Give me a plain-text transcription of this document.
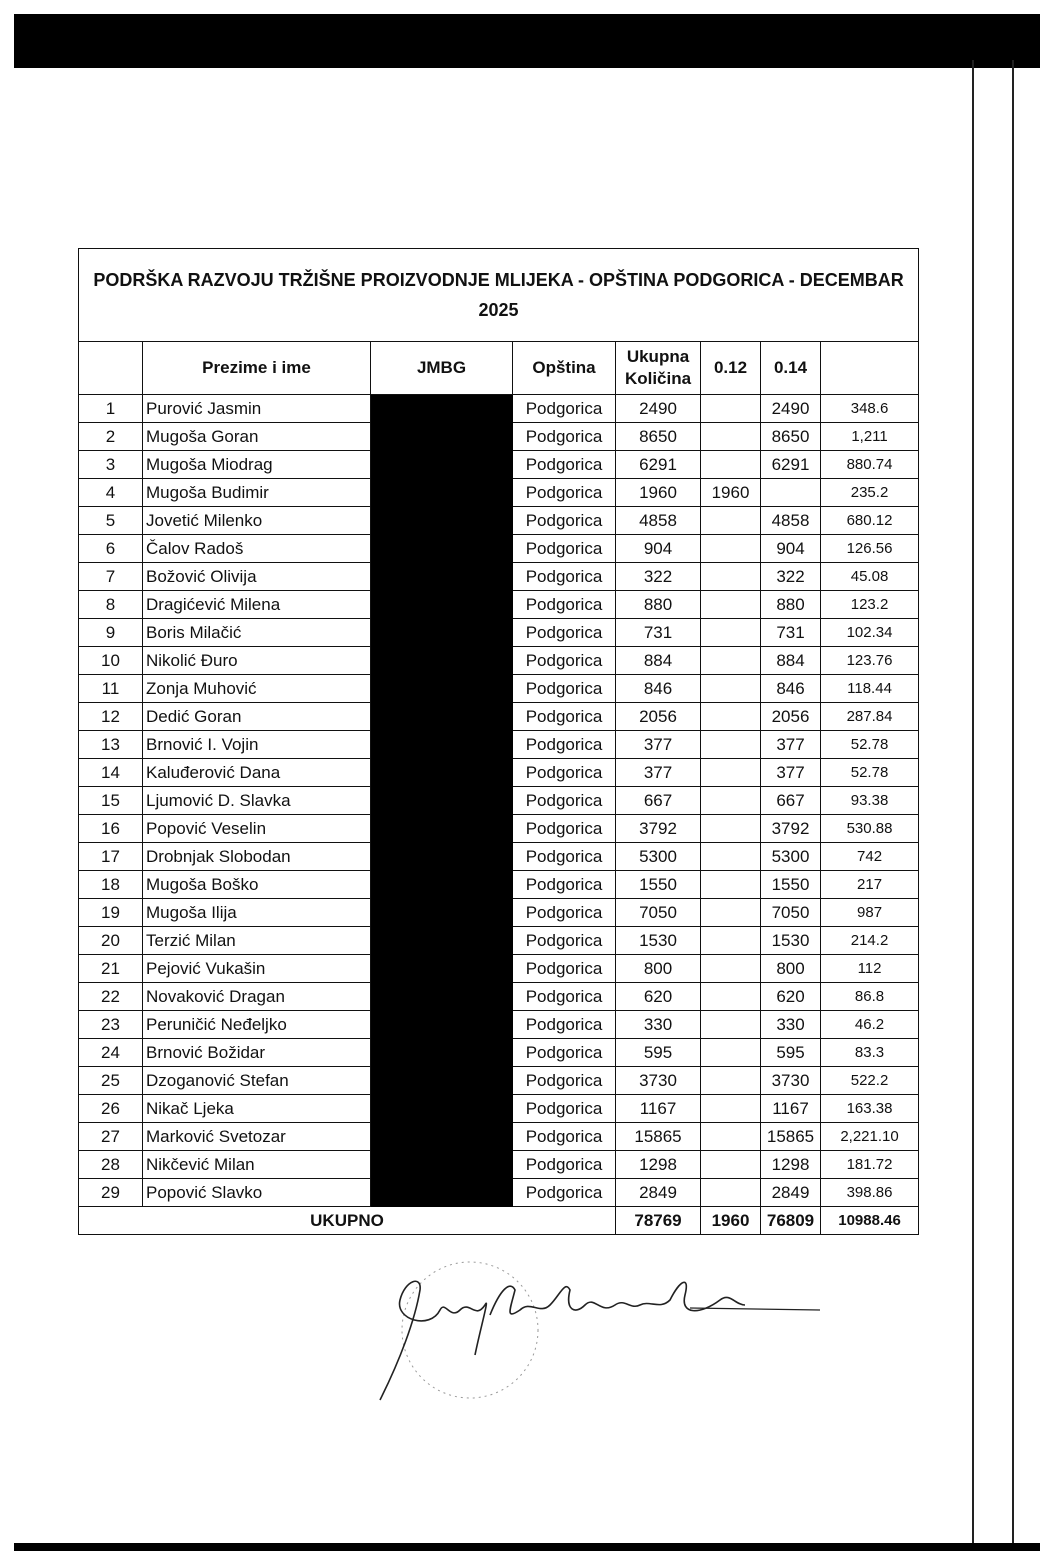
PODRŠKA RAZVOJU TRŽIŠNE PROIZVODNJE MLIJEKA - OPŠTINA PODGORICA - DECEMBAR 2025							
	Prezime i ime	JMBG	Opština	Ukupna Količina	0.12	0.14	
1	Purović Jasmin		Podgorica	2490		2490	348.6
2	Mugoša Goran		Podgorica	8650		8650	1,211
3	Mugoša Miodrag		Podgorica	6291		6291	880.74
4	Mugoša Budimir		Podgorica	1960	1960		235.2
5	Jovetić Milenko		Podgorica	4858		4858	680.12
6	Čalov Radoš		Podgorica	904		904	126.56
7	Božović Olivija		Podgorica	322		322	45.08
8	Dragićević Milena		Podgorica	880		880	123.2
9	Boris Milačić		Podgorica	731		731	102.34
10	Nikolić Đuro		Podgorica	884		884	123.76
11	Zonja Muhović		Podgorica	846		846	118.44
12	Dedić Goran		Podgorica	2056		2056	287.84
13	Brnović I. Vojin		Podgorica	377		377	52.78
14	Kaluđerović Dana		Podgorica	377		377	52.78
15	Ljumović D. Slavka		Podgorica	667		667	93.38
16	Popović Veselin		Podgorica	3792		3792	530.88
17	Drobnjak Slobodan		Podgorica	5300		5300	742
18	Mugoša Boško		Podgorica	1550		1550	217
19	Mugoša Ilija		Podgorica	7050		7050	987
20	Terzić Milan		Podgorica	1530		1530	214.2
21	Pejović Vukašin		Podgorica	800		800	112
22	Novaković Dragan		Podgorica	620		620	86.8
23	Peruničić Neđeljko		Podgorica	330		330	46.2
24	Brnović Božidar		Podgorica	595		595	83.3
25	Dzoganović Stefan		Podgorica	3730		3730	522.2
26	Nikač Ljeka		Podgorica	1167		1167	163.38
27	Marković Svetozar		Podgorica	15865		15865	2,221.10
28	Nikčević Milan		Podgorica	1298		1298	181.72
29	Popović Slavko		Podgorica	2849		2849	398.86
UKUPNO				78769	1960	76809	10988.46
